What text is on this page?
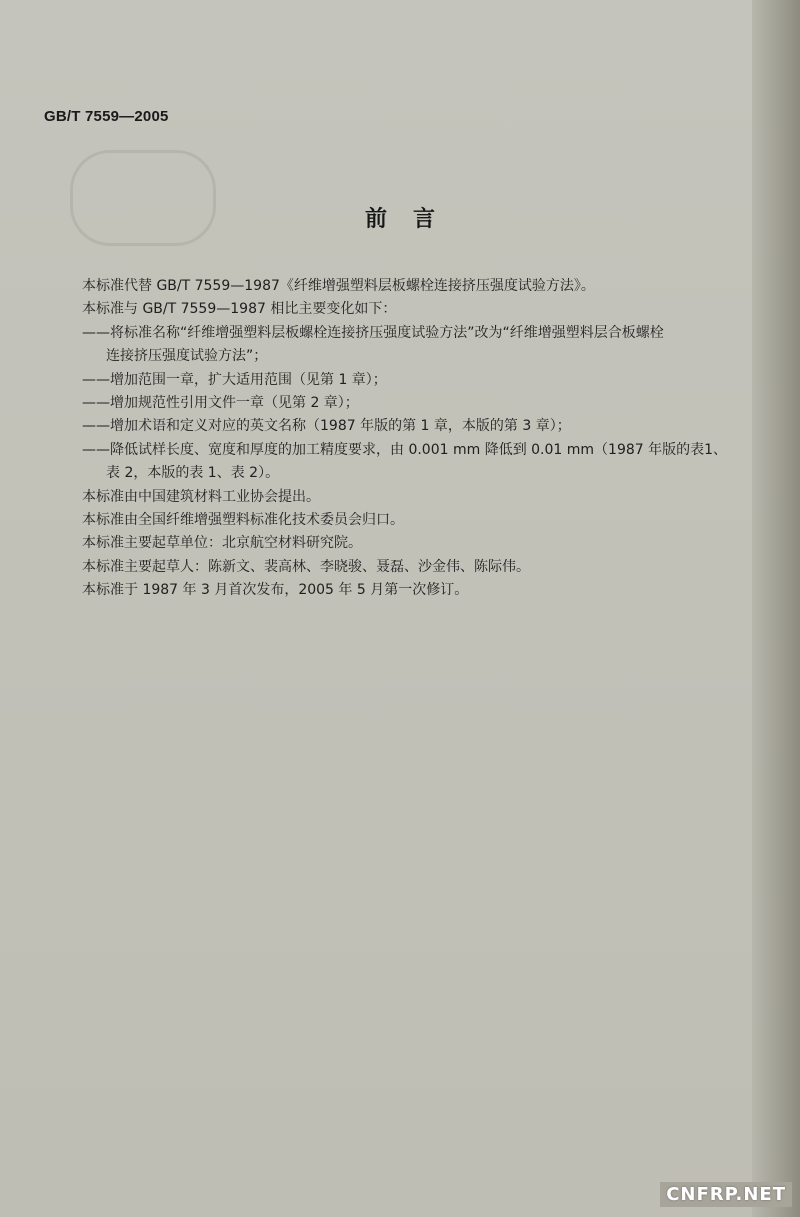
GB/T 7559—2005
前言
本标准代替 GB/T 7559—1987《纤维增强塑料层板螺栓连接挤压强度试验方法》。
本标准与 GB/T 7559—1987 相比主要变化如下：
——将标准名称“纤维增强塑料层板螺栓连接挤压强度试验方法”改为“纤维增强塑料层合板螺栓
连接挤压强度试验方法”；
——增加范围一章，扩大适用范围（见第 1 章）；
——增加规范性引用文件一章（见第 2 章）；
——增加术语和定义对应的英文名称（1987 年版的第 1 章，本版的第 3 章）；
——降低试样长度、宽度和厚度的加工精度要求，由 0.001 mm 降低到 0.01 mm（1987 年版的表1、
表 2，本版的表 1、表 2）。
本标准由中国建筑材料工业协会提出。
本标准由全国纤维增强塑料标准化技术委员会归口。
本标准主要起草单位：北京航空材料研究院。
本标准主要起草人：陈新文、裴高林、李晓骏、聂磊、沙金伟、陈际伟。
本标准于 1987 年 3 月首次发布，2005 年 5 月第一次修订。
CNFRP.NET
